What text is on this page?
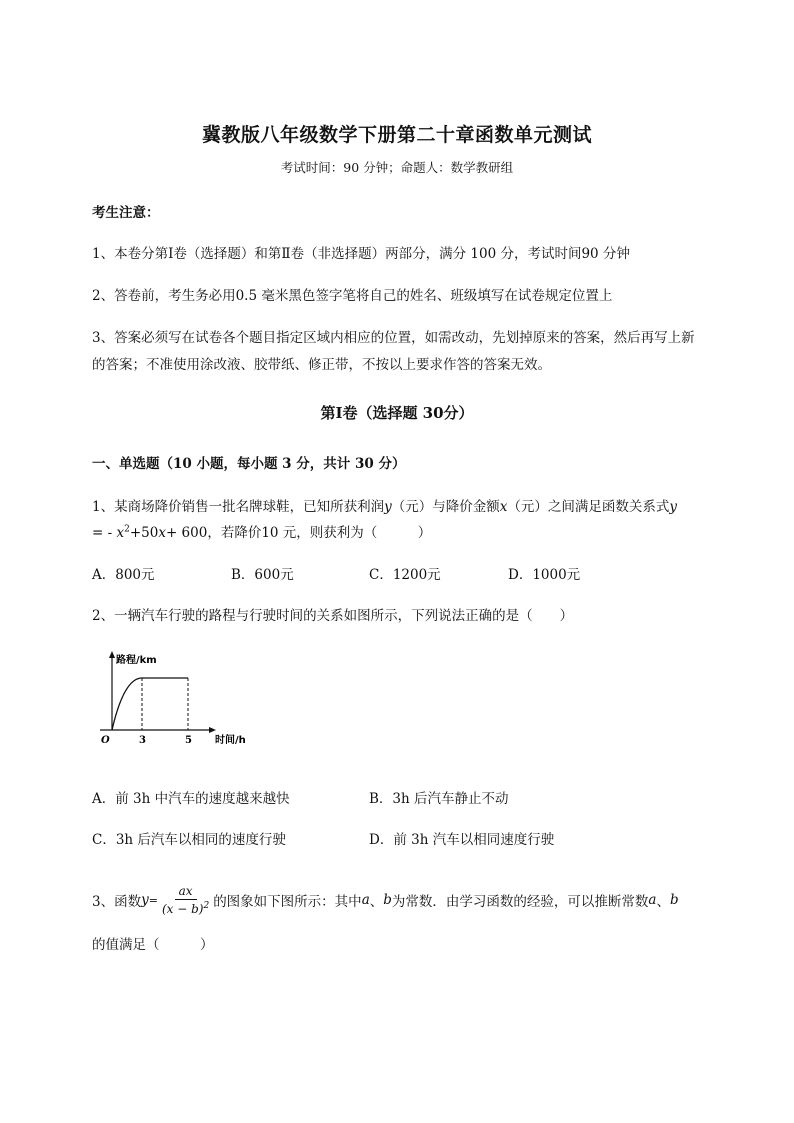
冀教版八年级数学下册第二十章函数单元测试
考试时间：90 分钟；命题人：数学教研组
考生注意：
1、本卷分第Ⅰ卷（选择题）和第Ⅱ卷（非选择题）两部分，满分 100 分，考试时间90 分钟
2、答卷前，考生务必用0.5 毫米黑色签字笔将自己的姓名、班级填写在试卷规定位置上
3、答案必须写在试卷各个题目指定区域内相应的位置，如需改动，先划掉原来的答案，然后再写上新
的答案；不准使用涂改液、胶带纸、修正带，不按以上要求作答的答案无效。
第Ⅰ卷（选择题 30分）
一、单选题（10 小题，每小题 3 分，共计 30 分）
1、某商场降价销售一批名牌球鞋，已知所获利润y（元）与降价金额x（元）之间满足函数关系式y
= - $x^2+50x+ 600$，若降价10 元，则获利为（　　　）
A．800元	B．600元	C．1200元	D．1000元
2、一辆汽车行驶的路程与行驶时间的关系如图所示，下列说法正确的是（　　）
路程/km
时间/h
O	3	5
A．前 3h 中汽车的速度越来越快	B．3h 后汽车静止不动
C．3h 后汽车以相同的速度行驶	D．前 3h 汽车以相同速度行驶
3、函数 $y = \frac{ax}{(x - b)^2}$ 的图象如下图所示：其中 a 、 b 为常数．由学习函数的经验，可以推断常数 a 、 b
的值满足（　　　）
